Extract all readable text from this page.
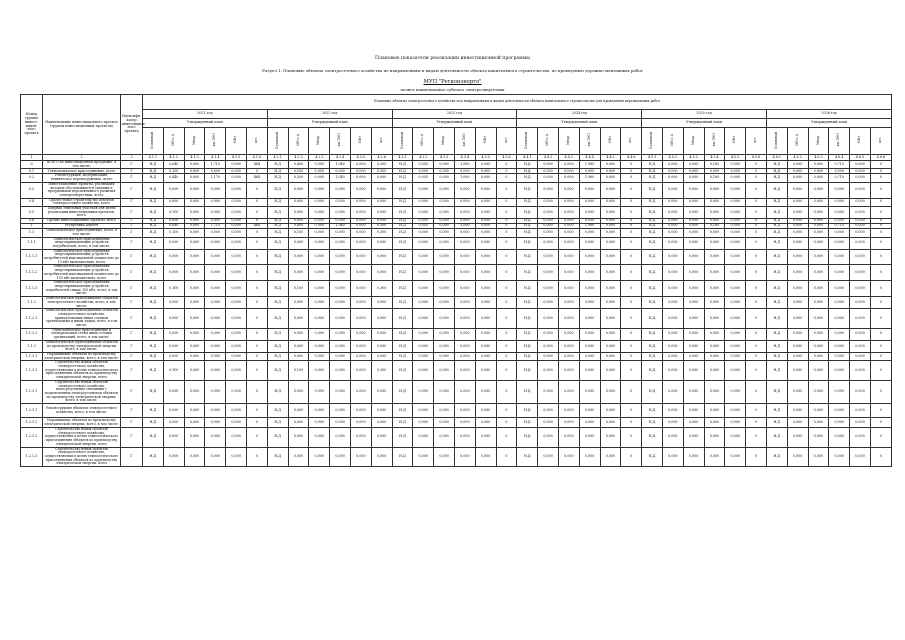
Плановые показатели реализации инвестиционной программы
Раздел 1. Плановые объекты электросетевого хозяйства по направлениям и видам деятельности объекта капитального строительства, по проведению дорожно-монтажных работ
МУП "Регионэнерго"
полное наименование субъекта электроэнергетики
Номер группы инвест-ицион-ного проекта	Наименование инвестиционного проекта (группы инвестиционных проектов)	Идентифи-катор инвестицион-ного проекта	Плановые объекты электросетевого хозяйства под направлениям и видам деятельности объекта капитального строительства для проведения вертикальных работ																																			
			2021 год						2022 год						2023 год						2024 год						2025 год						2026 год					
			Утвержденный план						Утвержденный план						Утвержденный план						Утвержденный план						Утвержденный план						Утвержденный план					
			Плановый	МВ×А	Мвар	км ЛЭП	МВт	шт.	Плановый	МВ×А	Мвар	км ЛЭП	МВт	шт.	Плановый	МВ×А	Мвар	км ЛЭП	МВт	шт.	Плановый	МВ×А	Мвар	км ЛЭП	МВт	шт.	Плановый	МВ×А	Мвар	км ЛЭП	МВт	шт.	Плановый	МВ×А	Мвар	км ЛЭП	МВт	шт.
1	2	3	4.1.1	4.1.2	4.1.3	4.1.4	4.1.5	4.1.6	4.2.1	4.2.2	4.2.3	4.2.4	4.2.5	4.2.6	4.3.1	4.3.2	4.3.3	4.3.4	4.3.5	4.3.6	4.4.1	4.4.2	4.4.3	4.4.4	4.4.5	4.4.6	4.5.1	4.5.2	4.5.3	4.5.4	4.5.5	4.5.6	4.6.1	4.6.2	4.6.3	4.6.4	4.6.5	4.6.6
0	ВСЕГО по инвестиционной программе, в том числе:	Г	Н,Д	0,640	0,000	1,710	0,000	464	Н,Д	0,400	0,000	1,940	0,000	0,300	Н,Д	0,055	0,000	1,080	0,000	0	Н,Д	0,000	0,000	1,960	0,000	0	Н,Д	0,000	0,000	0,160	0,000	0	Н,Д	0,000	0,000	0,710	0,000	0
0.1	Технологическое присоединение, всего	Г	Н,Д	0,100	0,000	0,000	0,000	0	Н,Д	0,100	0,000	0,000	0,000	0,300	Н,Д	0,000	0,000	0,000	0,000	0	Н,Д	0,000	0,000	0,000	0,000	0	Н,Д	0,000	0,000	0,000	0,000	0	Н,Д	0,000	0,000	0,000	0,000	0
0.2	Реконструкция, модернизация, техническое перевооружение, всего	Г	Н,Д	0,440	0,000	1,170	0,000	464	Н,Д	0,300	0,000	1,040	0,000	0,000	Н,Д	0,055	0,000	1,080	0,000	0	Н,Д	0,000	0,000	1,960	0,000	0	Н,Д	0,000	0,000	0,160	0,000	0	Н,Д	0,000	0,000	0,710	0,000	0
0.3	Инвестиционные проекты, реализация которых обуславливается схемами и программами перспективного развития электроэнергетики, всего	Г	Н,Д	0,000	0,000	0,000	0,000	0	Н,Д	0,000	0,000	0,000	0,000	0,000	Н,Д	0,000	0,000	0,000	0,000	0	Н,Д	0,000	0,000	0,000	0,000	0	Н,Д	0,000	0,000	0,000	0,000	0	Н,Д	0,000	0,000	0,000	0,000	0
0.4	Прочее новое строительство объектов электросетевого хозяйства, всего	Г	Н,Д	0,000	0,000	0,000	0,000	0	Н,Д	0,000	0,000	0,000	0,000	0,000	Н,Д	0,000	0,000	0,000	0,000	0	Н,Д	0,000	0,000	0,000	0,000	0	Н,Д	0,000	0,000	0,000	0,000	0	Н,Д	0,000	0,000	0,000	0,000	0
0.5	Покупка земельных участков для целей реализации инвестиционных проектов, всего	Г	Н,Д	0,100	0,000	0,000	0,000	0	Н,Д	0,000	0,000	0,000	0,000	0,000	Н,Д	0,000	0,000	0,000	0,000	0	Н,Д	0,000	0,000	0,000	0,000	0	Н,Д	0,000	0,000	0,000	0,000	0	Н,Д	0,000	0,000	0,000	0,000	0
0.6	Прочие инвестиционные проекты, всего	Г	Н,Д	0,000	0,000	0,000	0,000	0	Н,Д	0,000	0,000	0,000	0,000	0,000	Н,Д	0,000	0,000	0,000	0,000	0	Н,Д	0,000	0,000	0,000	0,000	0	Н,Д	0,000	0,000	0,000	0,000	0	Н,Д	0,000	0,000	0,000	0,000	0
1	Республика Адыгея	Г	Н,Д	0,640	0,000	1,710	0,000	464	Н,Д	0,400	0,000	1,940	0,000	0,300	Н,Д	0,055	0,000	1,080	0,000	0	Н,Д	0,000	0,000	1,960	0,000	0	Н,Д	0,000	0,000	0,160	0,000	0	Н,Д	0,000	0,000	0,710	0,000	0
1.1	Технологическое присоединение, всего, в том числе:	Г	Н,Д	0,100	0,000	0,000	0,000	0	Н,Д	0,100	0,000	0,000	0,000	0,300	Н,Д	0,000	0,000	0,000	0,000	0	Н,Д	0,000	0,000	0,000	0,000	0	Н,Д	0,000	0,000	0,000	0,000	0	Н,Д	0,000	0,000	0,000	0,000	0
1.1.1	Технологическое присоединение энергопринимающих устройств потребителей, всего, в том числе:	Г	Н,Д	0,000	0,000	0,000	0,000	0	Н,Д	0,000	0,000	0,000	0,000	0,000	Н,Д	0,000	0,000	0,000	0,000	0	Н,Д	0,000	0,000	0,000	0,000	0	Н,Д	0,000	0,000	0,000	0,000	0	Н,Д	0,000	0,000	0,000	0,000	0
1.1.1.1	Технологическое присоединение энергопринимающих устройств потребителей максимальной мощностью до 15 кВт включительно, всего	Г	Н,Д	0,000	0,000	0,000	0,000	0	Н,Д	0,000	0,000	0,000	0,000	0,000	Н,Д	0,000	0,000	0,000	0,000	0	Н,Д	0,000	0,000	0,000	0,000	0	Н,Д	0,000	0,000	0,000	0,000	0	Н,Д	0,000	0,000	0,000	0,000	0
1.1.1.2	Технологическое присоединение энергопринимающих устройств потребителей максимальной мощностью до 150 кВт включительно, всего	Г	Н,Д	0,000	0,000	0,000	0,000	0	Н,Д	0,000	0,000	0,000	0,000	0,000	Н,Д	0,000	0,000	0,000	0,000	0	Н,Д	0,000	0,000	0,000	0,000	0	Н,Д	0,000	0,000	0,000	0,000	0	Н,Д	0,000	0,000	0,000	0,000	0
1.1.1.3	Технологическое присоединение энергопринимающих устройств потребителей свыше 150 кВт, всего, в том числе:	Г	Н,Д	0,100	0,000	0,000	0,000	0	Н,Д	0,100	0,000	0,000	0,000	0,300	Н,Д	0,000	0,000	0,000	0,000	0	Н,Д	0,000	0,000	0,000	0,000	0	Н,Д	0,000	0,000	0,000	0,000	0	Н,Д	0,000	0,000	0,000	0,000	0
1.1.2	Технологическое присоединение объектов электросетевого хозяйства, всего, в том числе:	Г	Н,Д	0,000	0,000	0,000	0,000	0	Н,Д	0,000	0,000	0,000	0,000	0,000	Н,Д	0,000	0,000	0,000	0,000	0	Н,Д	0,000	0,000	0,000	0,000	0	Н,Д	0,000	0,000	0,000	0,000	0	Н,Д	0,000	0,000	0,000	0,000	0
1.1.2.1	Технологическое присоединение объектов электросетевого хозяйства, принадлежащих иным сетевым организациям и иным лицам, всего, в том числе:	Г	Н,Д	0,000	0,000	0,000	0,000	0	Н,Д	0,000	0,000	0,000	0,000	0,000	Н,Д	0,000	0,000	0,000	0,000	0	Н,Д	0,000	0,000	0,000	0,000	0	Н,Д	0,000	0,000	0,000	0,000	0	Н,Д	0,000	0,000	0,000	0,000	0
1.1.2.2	Технологическое присоединение к электрическим сетям иных сетевых организаций, всего, в том числе:	Г	Н,Д	0,000	0,000	0,000	0,000	0	Н,Д	0,000	0,000	0,000	0,000	0,000	Н,Д	0,000	0,000	0,000	0,000	0	Н,Д	0,000	0,000	0,000	0,000	0	Н,Д	0,000	0,000	0,000	0,000	0	Н,Д	0,000	0,000	0,000	0,000	0
1.1.3	Технологическое присоединение объектов по производству электрической энергии всего, в том числе:	Г	Н,Д	0,000	0,000	0,000	0,000	0	Н,Д	0,000	0,000	0,000	0,000	0,000	Н,Д	0,000	0,000	0,000	0,000	0	Н,Д	0,000	0,000	0,000	0,000	0	Н,Д	0,000	0,000	0,000	0,000	0	Н,Д	0,000	0,000	0,000	0,000	0
1.1.3.1	Наращивание объектов по производству электрической энергии, всего, в том числе:	Г	Н,Д	0,000	0,000	0,000	0,000	0	Н,Д	0,000	0,000	0,000	0,000	0,000	Н,Д	0,000	0,000	0,000	0,000	0	Н,Д	0,000	0,000	0,000	0,000	0	Н,Д	0,000	0,000	0,000	0,000	0	Н,Д	0,000	0,000	0,000	0,000	0
1.1.3.1	Строительство новых объектов электросетевого хозяйства, осуществляемых в целях технологического присоединения объектов по производству электрической энергии, всего	Г	Н,Д	0,100	0,000	0,000	0,000	0	Н,Д	0,100	0,000	0,000	0,000	0,300	Н,Д	0,000	0,000	0,000	0,000	0	Н,Д	0,000	0,000	0,000	0,000	0	Н,Д	0,000	0,000	0,000	0,000	0	Н,Д	0,000	0,000	0,000	0,000	0
1.1.3.1	Строительство новых объектов электросетевого хозяйства, непосредственно связанных с подключением электроустановок объектов по производству электрической энергии, всего, в том числе:	Г	Н,Д	0,000	0,000	0,000	0,000	0	Н,Д	0,000	0,000	0,000	0,000	0,000	Н,Д	0,000	0,000	0,000	0,000	0	Н,Д	0,000	0,000	0,000	0,000	0	Н,Д	0,000	0,000	0,000	0,000	0	Н,Д	0,000	0,000	0,000	0,000	0
1.2.1.1	Реконструкция объектов электросетевого хозяйства, всего, в том числе:	Г	Н,Д	0,000	0,000	0,000	0,000	0	Н,Д	0,000	0,000	0,000	0,000	0,000	Н,Д	0,000	0,000	0,000	0,000	0	Н,Д	0,000	0,000	0,000	0,000	0	Н,Д	0,000	0,000	0,000	0,000	0	Н,Д	0,000	0,000	0,000	0,000	0
1.2.1.2	Наращивание объектов по производству электрической энергии, всего, в том числе:	Г	Н,Д	0,000	0,000	0,000	0,000	0	Н,Д	0,000	0,000	0,000	0,000	0,000	Н,Д	0,000	0,000	0,000	0,000	0	Н,Д	0,000	0,000	0,000	0,000	0	Н,Д	0,000	0,000	0,000	0,000	0	Н,Д	0,000	0,000	0,000	0,000	0
1.2.1.2	Строительство новых объектов электросетевого хозяйства, осуществляемых в целях технологического присоединения объектов по производству электрической энергии, всего	Г	Н,Д	0,000	0,000	0,000	0,000	0	Н,Д	0,000	0,000	0,000	0,000	0,000	Н,Д	0,000	0,000	0,000	0,000	0	Н,Д	0,000	0,000	0,000	0,000	0	Н,Д	0,000	0,000	0,000	0,000	0	Н,Д	0,000	0,000	0,000	0,000	0
1.2.1.3	Строительство новых объектов электросетевого хозяйства, осуществляемых в целях технологического присоединения объектов по производству электрической энергии, всего	Г	Н,Д	0,000	0,000	0,000	0,000	0	Н,Д	0,000	0,000	0,000	0,000	0,000	Н,Д	0,000	0,000	0,000	0,000	0	Н,Д	0,000	0,000	0,000	0,000	0	Н,Д	0,000	0,000	0,000	0,000	0	Н,Д	0,000	0,000	0,000	0,000	0
